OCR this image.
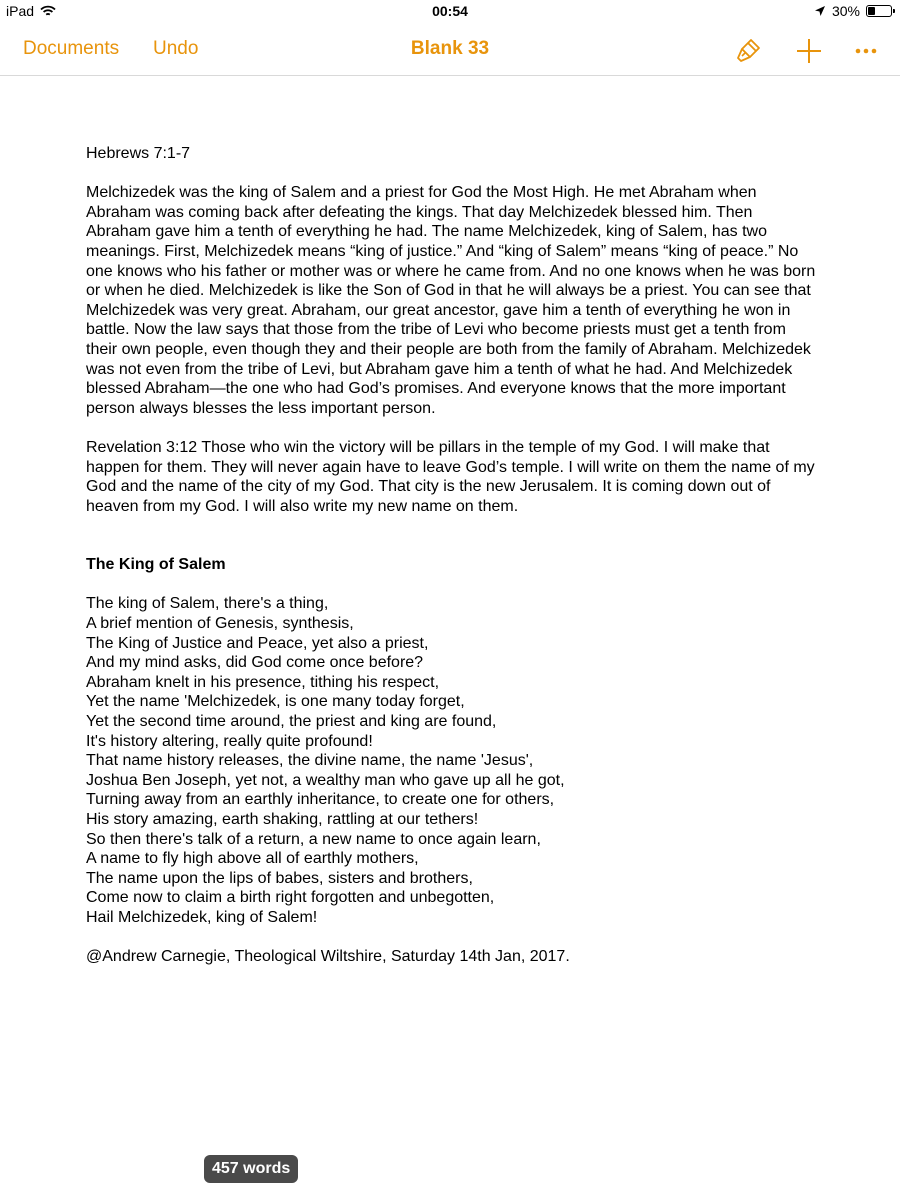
iPad	00:54	30%
Documents Undo	Blank 33

Hebrews 7:1-7

Melchizedek was the king of Salem and a priest for God the Most High. He met Abraham when Abraham was coming back after defeating the kings. That day Melchizedek blessed him. Then Abraham gave him a tenth of everything he had. The name Melchizedek, king of Salem, has two meanings. First, Melchizedek means “king of justice.” And “king of Salem” means “king of peace.” No one knows who his father or mother was or where he came from. And no one knows when he was born or when he died. Melchizedek is like the Son of God in that he will always be a priest. You can see that Melchizedek was very great. Abraham, our great ancestor, gave him a tenth of everything he won in battle. Now the law says that those from the tribe of Levi who become priests must get a tenth from their own people, even though they and their people are both from the family of Abraham. Melchizedek was not even from the tribe of Levi, but Abraham gave him a tenth of what he had. And Melchizedek blessed Abraham—the one who had God’s promises. And everyone knows that the more important person always blesses the less important person.

Revelation 3:12 Those who win the victory will be pillars in the temple of my God. I will make that happen for them. They will never again have to leave God’s temple. I will write on them the name of my God and the name of the city of my God. That city is the new Jerusalem. It is coming down out of heaven from my God. I will also write my new name on them.

The King of Salem

The king of Salem, there's a thing,
A brief mention of Genesis, synthesis,
The King of Justice and Peace, yet also a priest,
And my mind asks, did God come once before?
Abraham knelt in his presence, tithing his respect,
Yet the name 'Melchizedek, is one many today forget,
Yet the second time around, the priest and king are found,
It's history altering, really quite profound!
That name history releases, the divine name, the name 'Jesus',
Joshua Ben Joseph, yet not, a wealthy man who gave up all he got,
Turning away from an earthly inheritance, to create one for others,
His story amazing, earth shaking, rattling at our tethers!
So then there's talk of a return, a new name to once again learn,
A name to fly high above all of earthly mothers,
The name upon the lips of babes, sisters and brothers,
Come now to claim a birth right forgotten and unbegotten,
Hail Melchizedek, king of Salem!

@Andrew Carnegie, Theological Wiltshire, Saturday 14th Jan, 2017.

457 words
